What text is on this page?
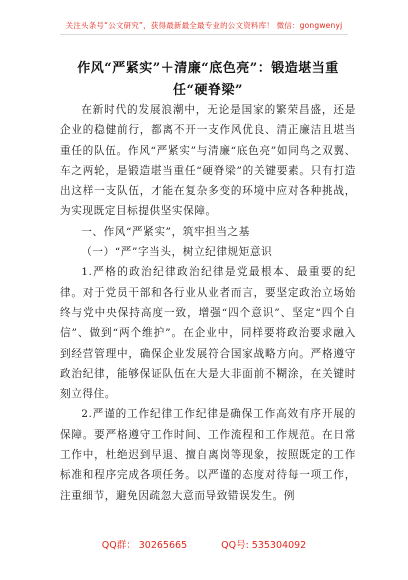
关注头条号“公文研究”，获得最新最全最专业的公文资料库！ 微信：gongwenyj
作风“严紧实”＋清廉“底色亮”：锻造堪当重任“硬脊梁”

在新时代的发展浪潮中，无论是国家的繁荣昌盛，还是企业的稳健前行，都离不开一支作风优良、清正廉洁且堪当重任的队伍。作风“严紧实”与清廉“底色亮”如同鸟之双翼、车之两轮，是锻造堪当重任“硬脊梁”的关键要素。只有打造出这样一支队伍，才能在复杂多变的环境中应对各种挑战，为实现既定目标提供坚实保障。

一、作风“严紧实”，筑牢担当之基

（一）“严”字当头，树立纪律规矩意识

1.严格的政治纪律政治纪律是党最根本、最重要的纪律。对于党员干部和各行业从业者而言，要坚定政治立场始终与党中央保持高度一致，增强“四个意识”、坚定“四个自信”、做到“两个维护”。在企业中，同样要将政治要求融入到经营管理中，确保企业发展符合国家战略方向。严格遵守政治纪律，能够保证队伍在大是大非面前不糊涂，在关键时刻立得住。

2.严谨的工作纪律工作纪律是确保工作高效有序开展的保障。要严格遵守工作时间、工作流程和工作规范。在日常工作中，杜绝迟到早退、擅自离岗等现象，按照既定的工作标准和程序完成各项任务。以严谨的态度对待每一项工作，注重细节，避免因疏忽大意而导致错误发生。例

QQ群： 30265665	QQ号: 535304092
